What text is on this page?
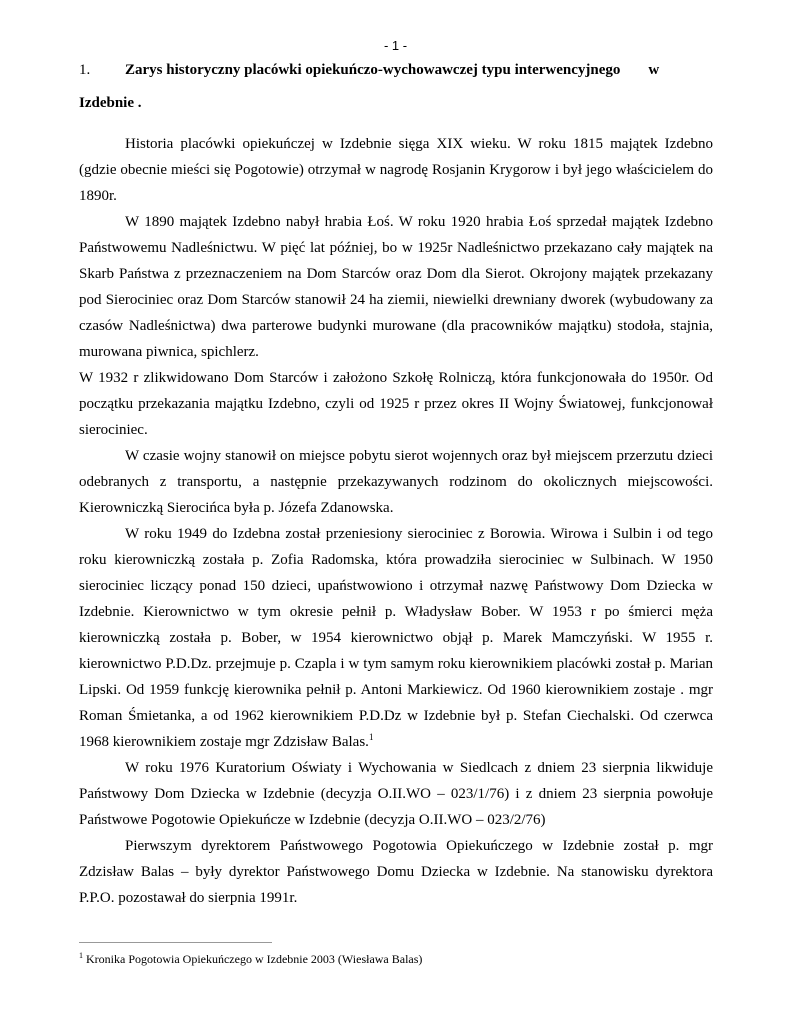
- 1 -
1.	Zarys historyczny placówki opiekuńczo-wychowawczej typu interwencyjnego w
Izdebnie .

Historia placówki opiekuńczej w Izdebnie sięga XIX wieku. W roku 1815 majątek Izdebno (gdzie obecnie mieści się Pogotowie) otrzymał w nagrodę Rosjanin Krygorow i był jego właścicielem do 1890r.

W 1890 majątek Izdebno nabył hrabia Łoś. W roku 1920 hrabia Łoś sprzedał majątek Izdebno Państwowemu Nadleśnictwu. W pięć lat później, bo w 1925r Nadleśnictwo przekazano cały majątek na Skarb Państwa z przeznaczeniem na Dom Starców oraz Dom dla Sierot. Okrojony majątek przekazany pod Sierociniec oraz Dom Starców stanowił 24 ha ziemii, niewielki drewniany dworek (wybudowany za czasów Nadleśnictwa) dwa parterowe budynki murowane (dla pracowników majątku) stodoła, stajnia, murowana piwnica, spichlerz.

W 1932 r zlikwidowano Dom Starców i założono Szkołę Rolniczą, która funkcjonowała do 1950r. Od początku przekazania majątku Izdebno, czyli od 1925 r przez okres II Wojny Światowej, funkcjonował sierociniec.

W czasie wojny stanowił on miejsce pobytu sierot wojennych oraz był miejscem przerzutu dzieci odebranych z transportu, a następnie przekazywanych rodzinom do okolicznych miejscowości. Kierowniczką Sierocińca była p. Józefa Zdanowska.

W roku 1949 do Izdebna został przeniesiony sierociniec z Borowia. Wirowa i Sulbin i od tego roku kierowniczką została p. Zofia Radomska, która prowadziła sierociniec w Sulbinach. W 1950 sierociniec liczący ponad 150 dzieci, upaństwowiono i otrzymał nazwę Państwowy Dom Dziecka w Izdebnie. Kierownictwo w tym okresie pełnił p. Władysław Bober. W 1953 r po śmierci męża kierowniczką została p. Bober, w 1954 kierownictwo objął p. Marek Mamczyński. W 1955 r. kierownictwo P.D.Dz. przejmuje p. Czapla i w tym samym roku kierownikiem placówki został p. Marian Lipski. Od 1959 funkcję kierownika pełnił p. Antoni Markiewicz. Od 1960 kierownikiem zostaje . mgr Roman Śmietanka, a od 1962 kierownikiem P.D.Dz w Izdebnie był p. Stefan Ciechalski. Od czerwca 1968 kierownikiem zostaje mgr Zdzisław Balas.$^1$

W roku 1976 Kuratorium Oświaty i Wychowania w Siedlcach z dniem 23 sierpnia likwiduje Państwowy Dom Dziecka w Izdebnie (decyzja O.II.WO – 023/1/76) i z dniem 23 sierpnia powołuje Państwowe Pogotowie Opiekuńcze w Izdebnie (decyzja O.II.WO – 023/2/76)

Pierwszym dyrektorem Państwowego Pogotowia Opiekuńczego w Izdebnie został p. mgr Zdzisław Balas – były dyrektor Państwowego Domu Dziecka w Izdebnie. Na stanowisku dyrektora P.P.O. pozostawał do sierpnia 1991r.

$^1$ Kronika Pogotowia Opiekuńczego w Izdebnie 2003 (Wiesława Balas)
